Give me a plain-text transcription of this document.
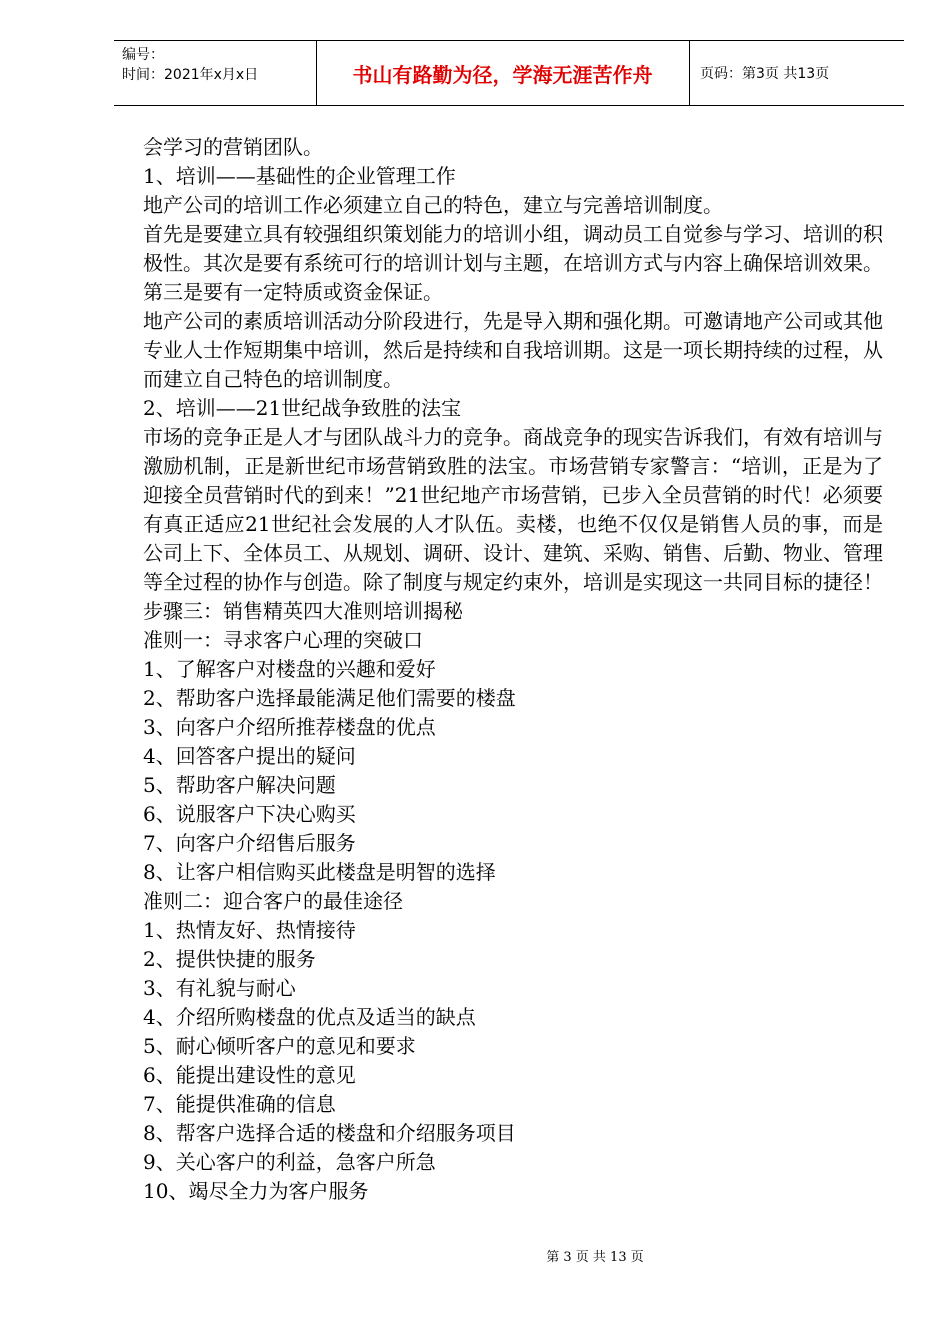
编号：
时间：2021年x月x日	书山有路勤为径，学海无涯苦作舟	页码：第3页 共13页

会学习的营销团队。

1、培训——基础性的企业管理工作

地产公司的培训工作必须建立自己的特色，建立与完善培训制度。

首先是要建立具有较强组织策划能力的培训小组，调动员工自觉参与学习、培训的积极性。其次是要有系统可行的培训计划与主题，在培训方式与内容上确保培训效果。第三是要有一定特质或资金保证。

地产公司的素质培训活动分阶段进行，先是导入期和强化期。可邀请地产公司或其他专业人士作短期集中培训，然后是持续和自我培训期。这是一项长期持续的过程，从而建立自己特色的培训制度。

2、培训——21世纪战争致胜的法宝

市场的竞争正是人才与团队战斗力的竞争。商战竞争的现实告诉我们，有效有培训与激励机制，正是新世纪市场营销致胜的法宝。市场营销专家警言：“培训，正是为了迎接全员营销时代的到来！”21世纪地产市场营销，已步入全员营销的时代！必须要有真正适应21世纪社会发展的人才队伍。卖楼，也绝不仅仅是销售人员的事，而是公司上下、全体员工、从规划、调研、设计、建筑、采购、销售、后勤、物业、管理等全过程的协作与创造。除了制度与规定约束外，培训是实现这一共同目标的捷径！

步骤三：销售精英四大准则培训揭秘

准则一：寻求客户心理的突破口

1、了解客户对楼盘的兴趣和爱好

2、帮助客户选择最能满足他们需要的楼盘

3、向客户介绍所推荐楼盘的优点

4、回答客户提出的疑问

5、帮助客户解决问题

6、说服客户下决心购买

7、向客户介绍售后服务

8、让客户相信购买此楼盘是明智的选择

准则二：迎合客户的最佳途径

1、热情友好、热情接待

2、提供快捷的服务

3、有礼貌与耐心

4、介绍所购楼盘的优点及适当的缺点

5、耐心倾听客户的意见和要求

6、能提出建设性的意见

7、能提供准确的信息

8、帮客户选择合适的楼盘和介绍服务项目

9、关心客户的利益，急客户所急

10、竭尽全力为客户服务

第 3 页 共 13 页
